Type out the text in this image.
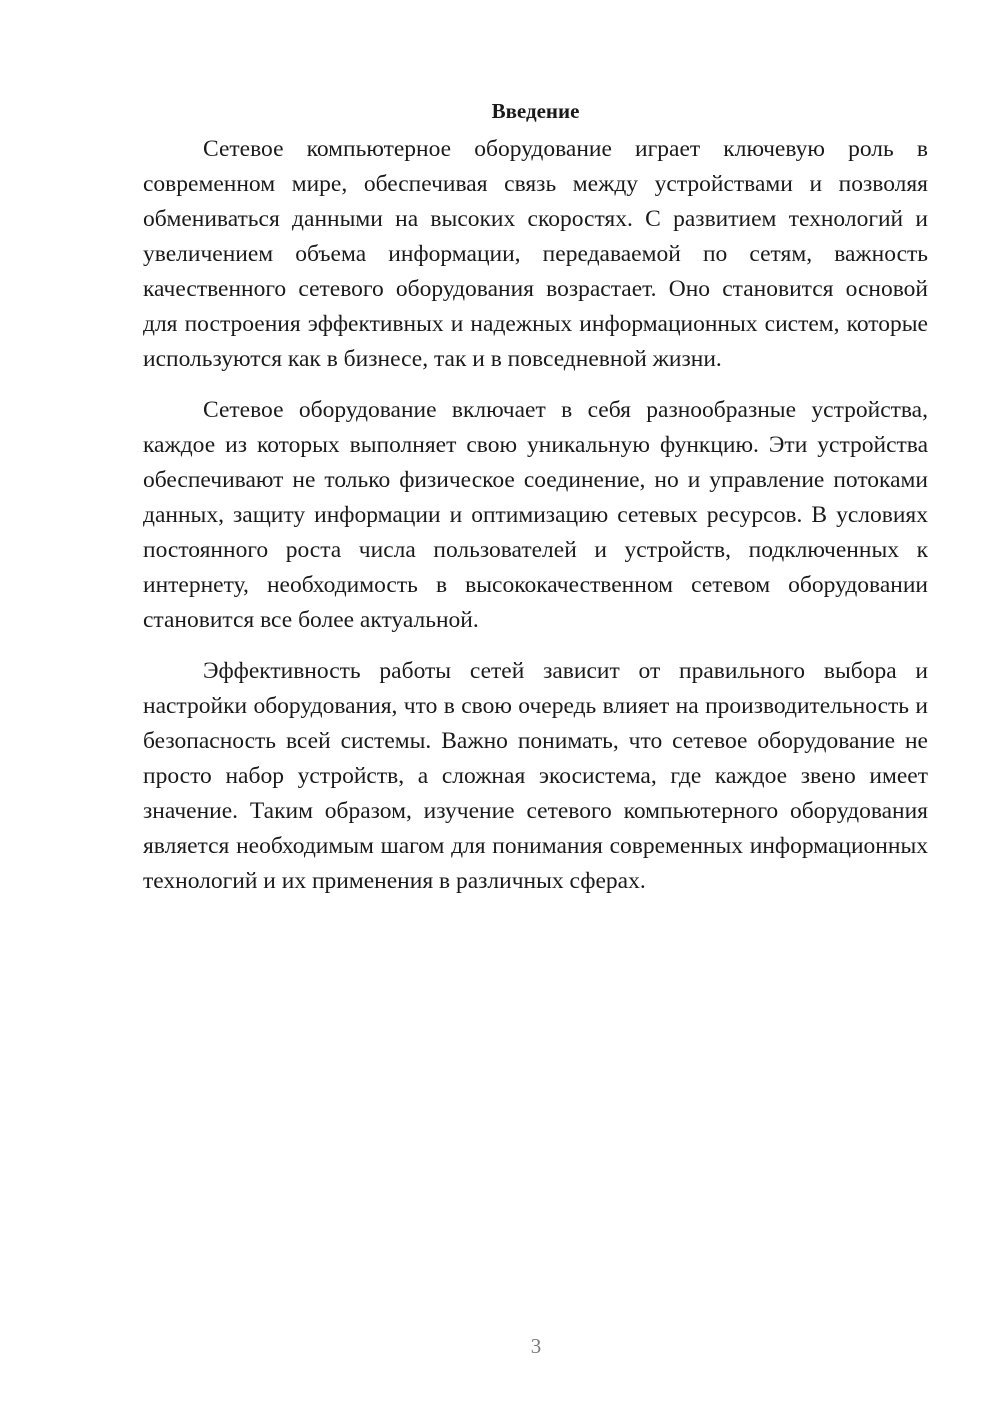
Введение

Сетевое компьютерное оборудование играет ключевую роль в современном мире, обеспечивая связь между устройствами и позволяя обмениваться данными на высоких скоростях. С развитием технологий и увеличением объема информации, передаваемой по сетям, важность качественного сетевого оборудования возрастает. Оно становится основой для построения эффективных и надежных информационных систем, которые используются как в бизнесе, так и в повседневной жизни.

Сетевое оборудование включает в себя разнообразные устройства, каждое из которых выполняет свою уникальную функцию. Эти устройства обеспечивают не только физическое соединение, но и управление потоками данных, защиту информации и оптимизацию сетевых ресурсов. В условиях постоянного роста числа пользователей и устройств, подключенных к интернету, необходимость в высококачественном сетевом оборудовании становится все более актуальной.

Эффективность работы сетей зависит от правильного выбора и настройки оборудования, что в свою очередь влияет на производительность и безопасность всей системы. Важно понимать, что сетевое оборудование не просто набор устройств, а сложная экосистема, где каждое звено имеет значение. Таким образом, изучение сетевого компьютерного оборудования является необходимым шагом для понимания современных информационных технологий и их применения в различных сферах.

3
